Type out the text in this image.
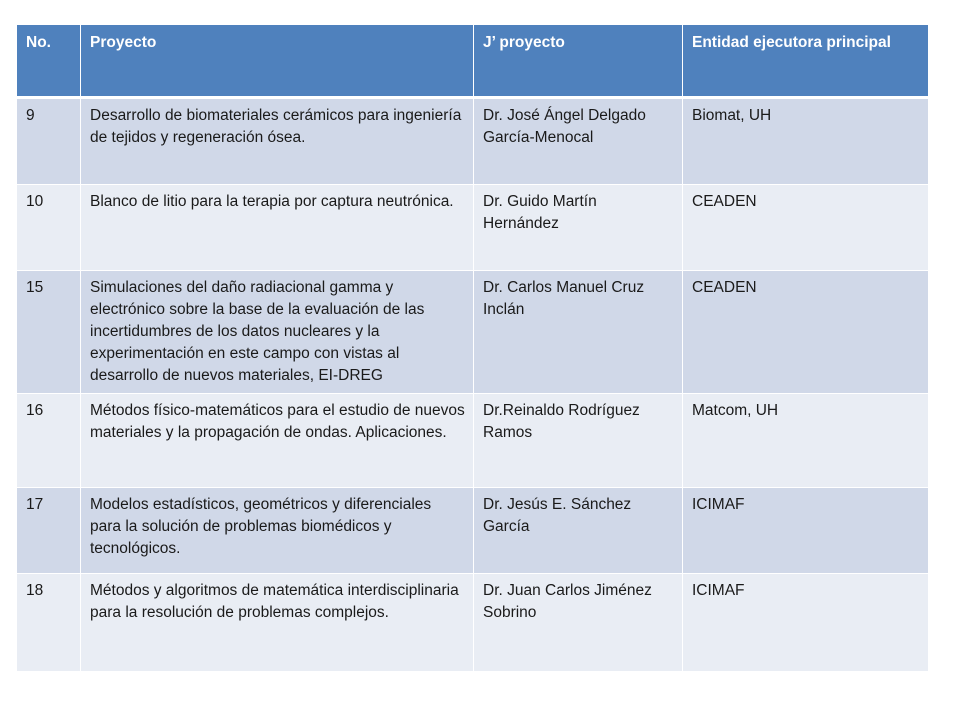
No.	Proyecto	J’ proyecto	Entidad ejecutora principal
9	Desarrollo de biomateriales cerámicos para ingeniería de tejidos y regeneración ósea.	Dr. José Ángel Delgado García-Menocal	Biomat, UH
10	Blanco de litio para la terapia por captura neutrónica.	Dr. Guido Martín Hernández	CEADEN
15	Simulaciones del daño radiacional gamma y electrónico sobre la base de la evaluación de las incertidumbres de los datos nucleares y la experimentación en este campo con vistas al desarrollo de nuevos materiales, EI-DREG	Dr. Carlos Manuel Cruz Inclán	CEADEN
16	Métodos físico-matemáticos para el estudio de nuevos materiales y la propagación de ondas. Aplicaciones.	Dr.Reinaldo Rodríguez Ramos	Matcom, UH
17	Modelos estadísticos, geométricos y diferenciales para la solución de problemas biomédicos y tecnológicos.	Dr. Jesús E. Sánchez García	ICIMAF
18	Métodos y algoritmos de matemática interdisciplinaria para la resolución de problemas complejos.	Dr. Juan Carlos Jiménez Sobrino	ICIMAF
